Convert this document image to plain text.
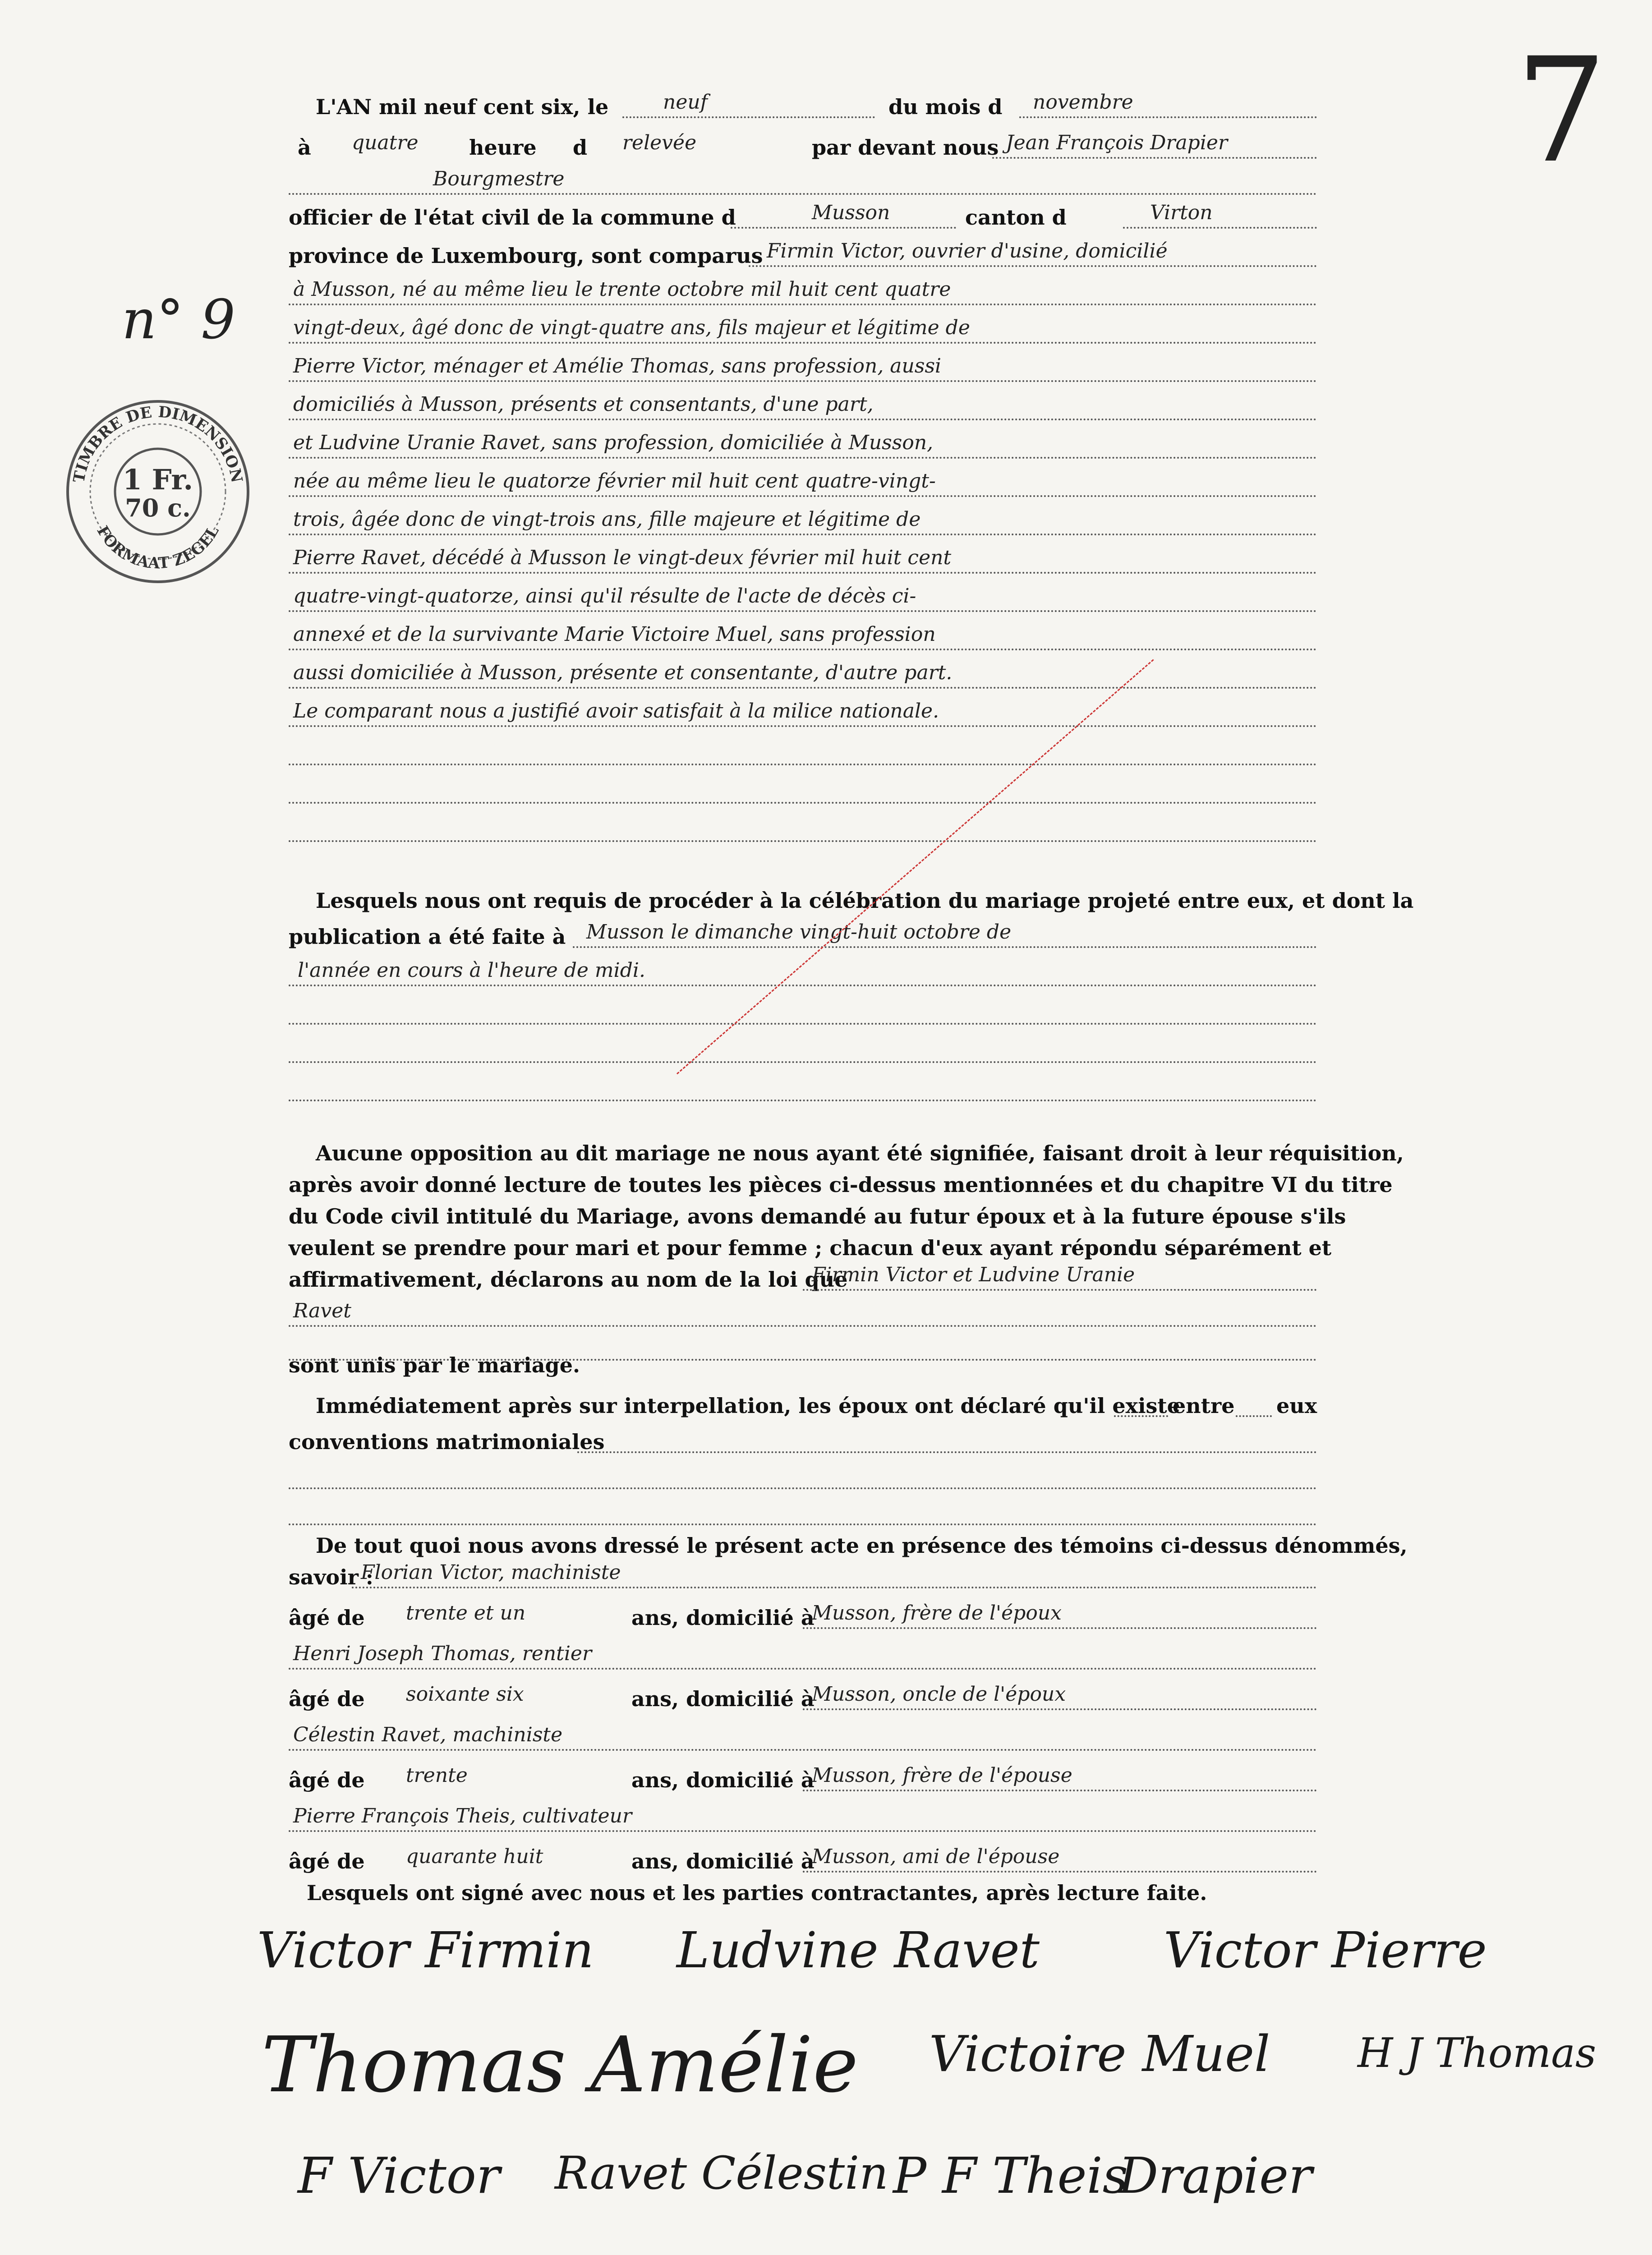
7
n° 9
TIMBRE DE DIMENSION
FORMAAT ZEGEL
1 Fr.
70 c.
L'AN mil neuf cent six, le	neuf	du mois d novembre
à quatre heure d relevée	par devant nous Jean François Drapier
Bourgmestre
officier de l'état civil de la commune d	Musson	canton d	Virton
province de Luxembourg, sont comparus Firmin Victor, ouvrier d'usine, domicilié
à Musson, né au même lieu le trente octobre mil huit cent quatre
vingt-deux, âgé donc de vingt-quatre ans, fils majeur et légitime de
Pierre Victor, ménager et Amélie Thomas, sans profession, aussi
domiciliés à Musson, présents et consentants, d'une part,
et Ludvine Uranie Ravet, sans profession, domiciliée à Musson,
née au même lieu le quatorze février mil huit cent quatre-vingt-
trois, âgée donc de vingt-trois ans, fille majeure et légitime de
Pierre Ravet, décédé à Musson le vingt-deux février mil huit cent
quatre-vingt-quatorze, ainsi qu'il résulte de l'acte de décès ci-
annexé et de la survivante Marie Victoire Muel, sans profession
aussi domiciliée à Musson, présente et consentante, d'autre part.
Le comparant nous a justifié avoir satisfait à la milice nationale.
Lesquels nous ont requis de procéder à la célébration du mariage projeté entre eux, et dont la
publication a été faite à Musson le dimanche vingt-huit octobre de
l'année en cours à l'heure de midi.
Aucune opposition au dit mariage ne nous ayant été signifiée, faisant droit à leur réquisition,
après avoir donné lecture de toutes les pièces ci-dessus mentionnées et du chapitre VI du titre
du Code civil intitulé du Mariage, avons demandé au futur époux et à la future épouse s'ils
veulent se prendre pour mari et pour femme ; chacun d'eux ayant répondu séparément et
affirmativement, déclarons au nom de la loi que
Firmin Victor et Ludvine Uranie
Ravet
sont unis par le mariage.
Immédiatement après sur interpellation, les époux ont déclaré qu'il existe
entre eux
conventions matrimoniales
De tout quoi nous avons dressé le présent acte en présence des témoins ci-dessus dénommés,
savoir :
Florian Victor, machiniste
âgé de trente et un	ans, domicilié à
Musson, frère de l'époux
Henri Joseph Thomas, rentier
âgé de soixante six	ans, domicilié à
Musson, oncle de l'époux
Célestin Ravet, machiniste
âgé de trente	ans, domicilié à
Musson, frère de l'épouse
Pierre François Theis, cultivateur
âgé de quarante huit	ans, domicilié à
Musson, ami de l'épouse
Lesquels ont signé avec nous et les parties contractantes, après lecture faite.
Victor Firmin Ludvine Ravet	Victor Pierre
Thomas Amélie Victoire Muel H J Thomas
F Victor Ravet Célestin P F Theis
Drapier
